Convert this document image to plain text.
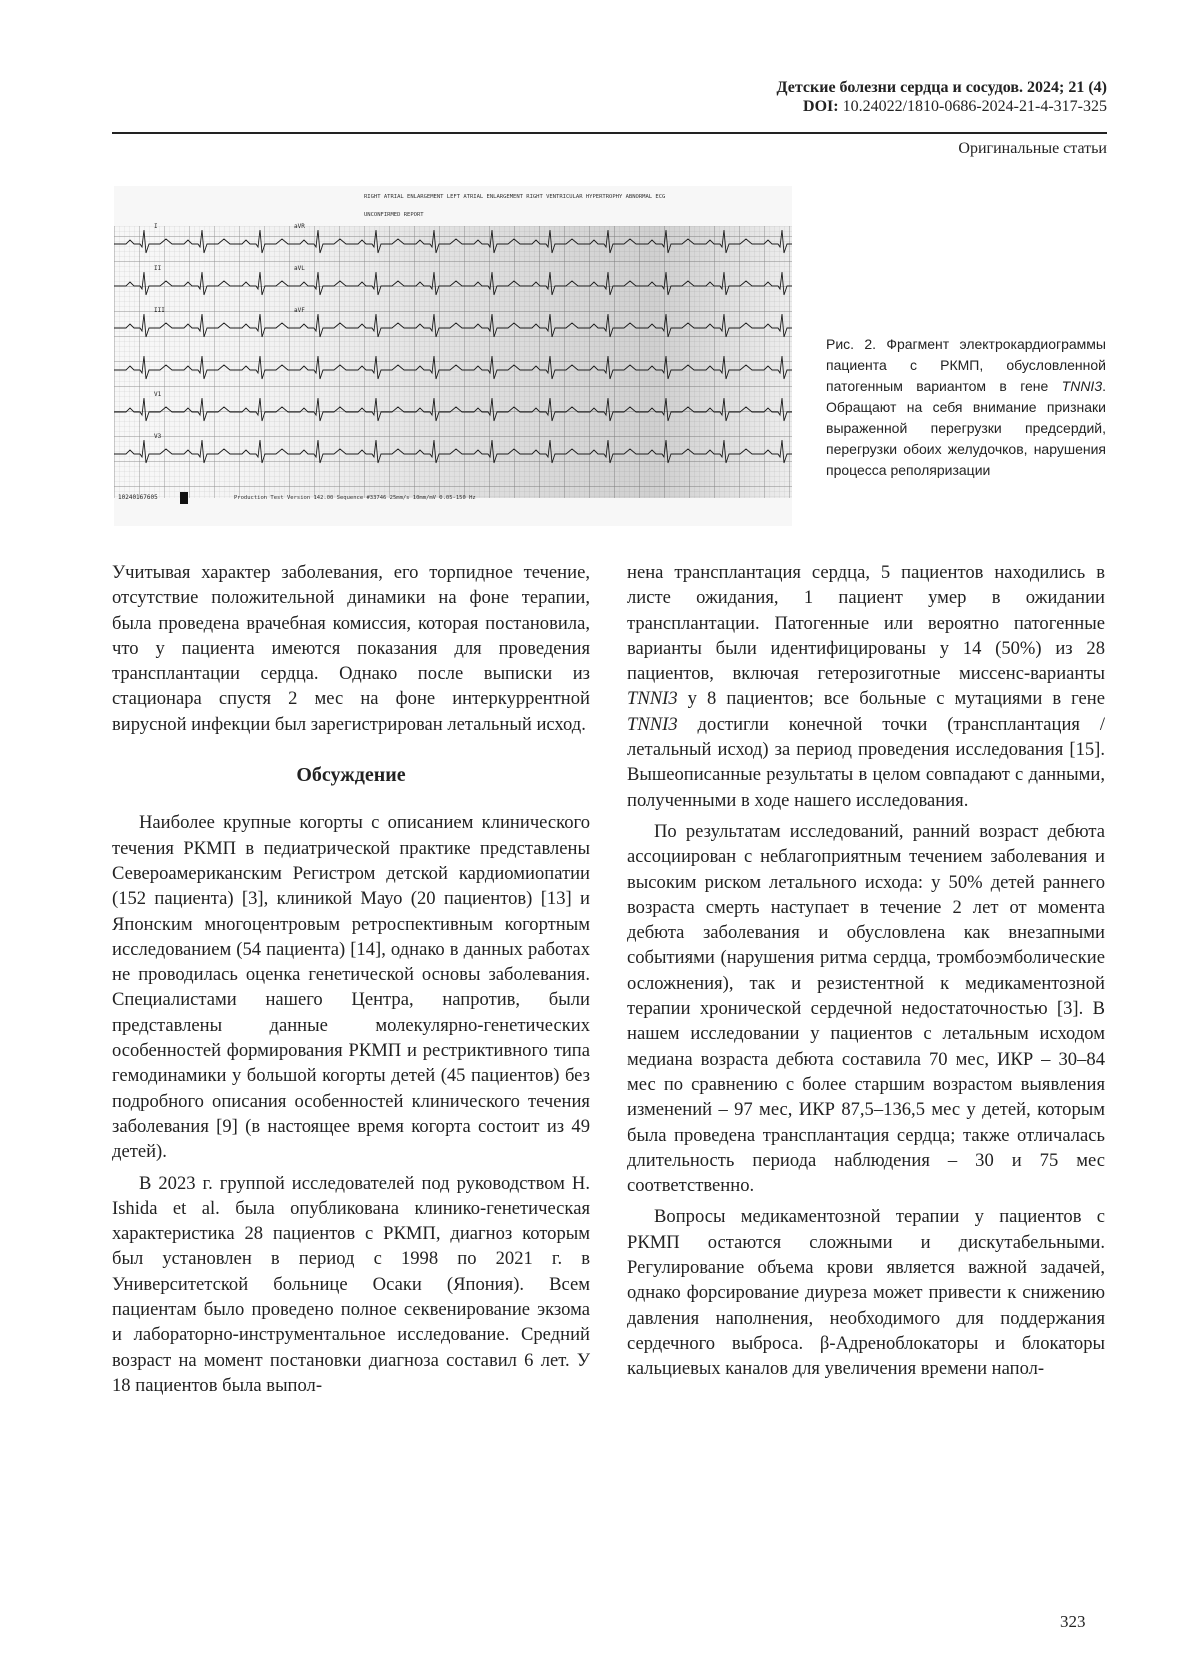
Детские болезни сердца и сосудов. 2024; 21 (4)
DOI: 10.24022/1810-0686-2024-21-4-317-325
Оригинальные статьи
RIGHT ATRIAL ENLARGEMENT LEFT ATRIAL ENLARGEMENT RIGHT VENTRICULAR HYPERTROPHY ABNORMAL ECG
UNCONFIRMED REPORT
10240167605	Production Test Version 142.00 Sequence #33746 25mm/s 10mm/mV 0.05-150 Hz
I
II
III
aVR
aVL
aVF
V1
V3
Рис. 2. Фрагмент электрокардиограммы пациента с РКМП, обусловленной патогенным вариантом в гене TNNI3. Обращают на себя внимание признаки выраженной перегрузки предсердий, перегрузки обоих желудочков, нарушения процесса реполяризации

Учитывая характер заболевания, его торпидное течение, отсутствие положительной динамики на фоне терапии, была проведена врачебная комиссия, которая постановила, что у пациента имеются показания для проведения трансплантации сердца. Однако после выписки из стационара спустя 2 мес на фоне интеркуррентной вирусной инфекции был зарегистрирован летальный исход.

Обсуждение

Наиболее крупные когорты с описанием клинического течения РКМП в педиатрической практике представлены Североамериканским Регистром детской кардиомиопатии (152 пациента) [3], клиникой Мауо (20 пациентов) [13] и Японским многоцентровым ретроспективным когортным исследованием (54 пациента) [14], однако в данных работах не проводилась оценка генетической основы заболевания. Специалистами нашего Центра, напротив, были представлены данные молекулярно-генетических особенностей формирования РКМП и рестриктивного типа гемодинамики у большой когорты детей (45 пациентов) без подробного описания особенностей клинического течения заболевания [9] (в настоящее время когорта состоит из 49 детей).

В 2023 г. группой исследователей под руководством H. Ishida et al. была опубликована клинико-генетическая характеристика 28 пациентов с РКМП, диагноз которым был установлен в период с 1998 по 2021 г. в Университетской больнице Осаки (Япония). Всем пациентам было проведено полное секвенирование экзома и лабораторно-инструментальное исследование. Средний возраст на момент постановки диагноза составил 6 лет. У 18 пациентов была выпол-

нена трансплантация сердца, 5 пациентов находились в листе ожидания, 1 пациент умер в ожидании трансплантации. Патогенные или вероятно патогенные варианты были идентифицированы у 14 (50%) из 28 пациентов, включая гетерозиготные миссенс-варианты TNNI3 у 8 пациентов; все больные с мутациями в гене TNNI3 достигли конечной точки (трансплантация / летальный исход) за период проведения исследования [15]. Вышеописанные результаты в целом совпадают с данными, полученными в ходе нашего исследования.

По результатам исследований, ранний возраст дебюта ассоциирован с неблагоприятным течением заболевания и высоким риском летального исхода: у 50% детей раннего возраста смерть наступает в течение 2 лет от момента дебюта заболевания и обусловлена как внезапными событиями (нарушения ритма сердца, тромбоэмболические осложнения), так и резистентной к медикаментозной терапии хронической сердечной недостаточностью [3]. В нашем исследовании у пациентов с летальным исходом медиана возраста дебюта составила 70 мес, ИКР – 30–84 мес по сравнению с более старшим возрастом выявления изменений – 97 мес, ИКР 87,5–136,5 мес у детей, которым была проведена трансплантация сердца; также отличалась длительность периода наблюдения – 30 и 75 мес соответственно.

Вопросы медикаментозной терапии у пациентов с РКМП остаются сложными и дискутабельными. Регулирование объема крови является важной задачей, однако форсирование диуреза может привести к снижению давления наполнения, необходимого для поддержания сердечного выброса. β-Адреноблокаторы и блокаторы кальциевых каналов для увеличения времени напол-

323
